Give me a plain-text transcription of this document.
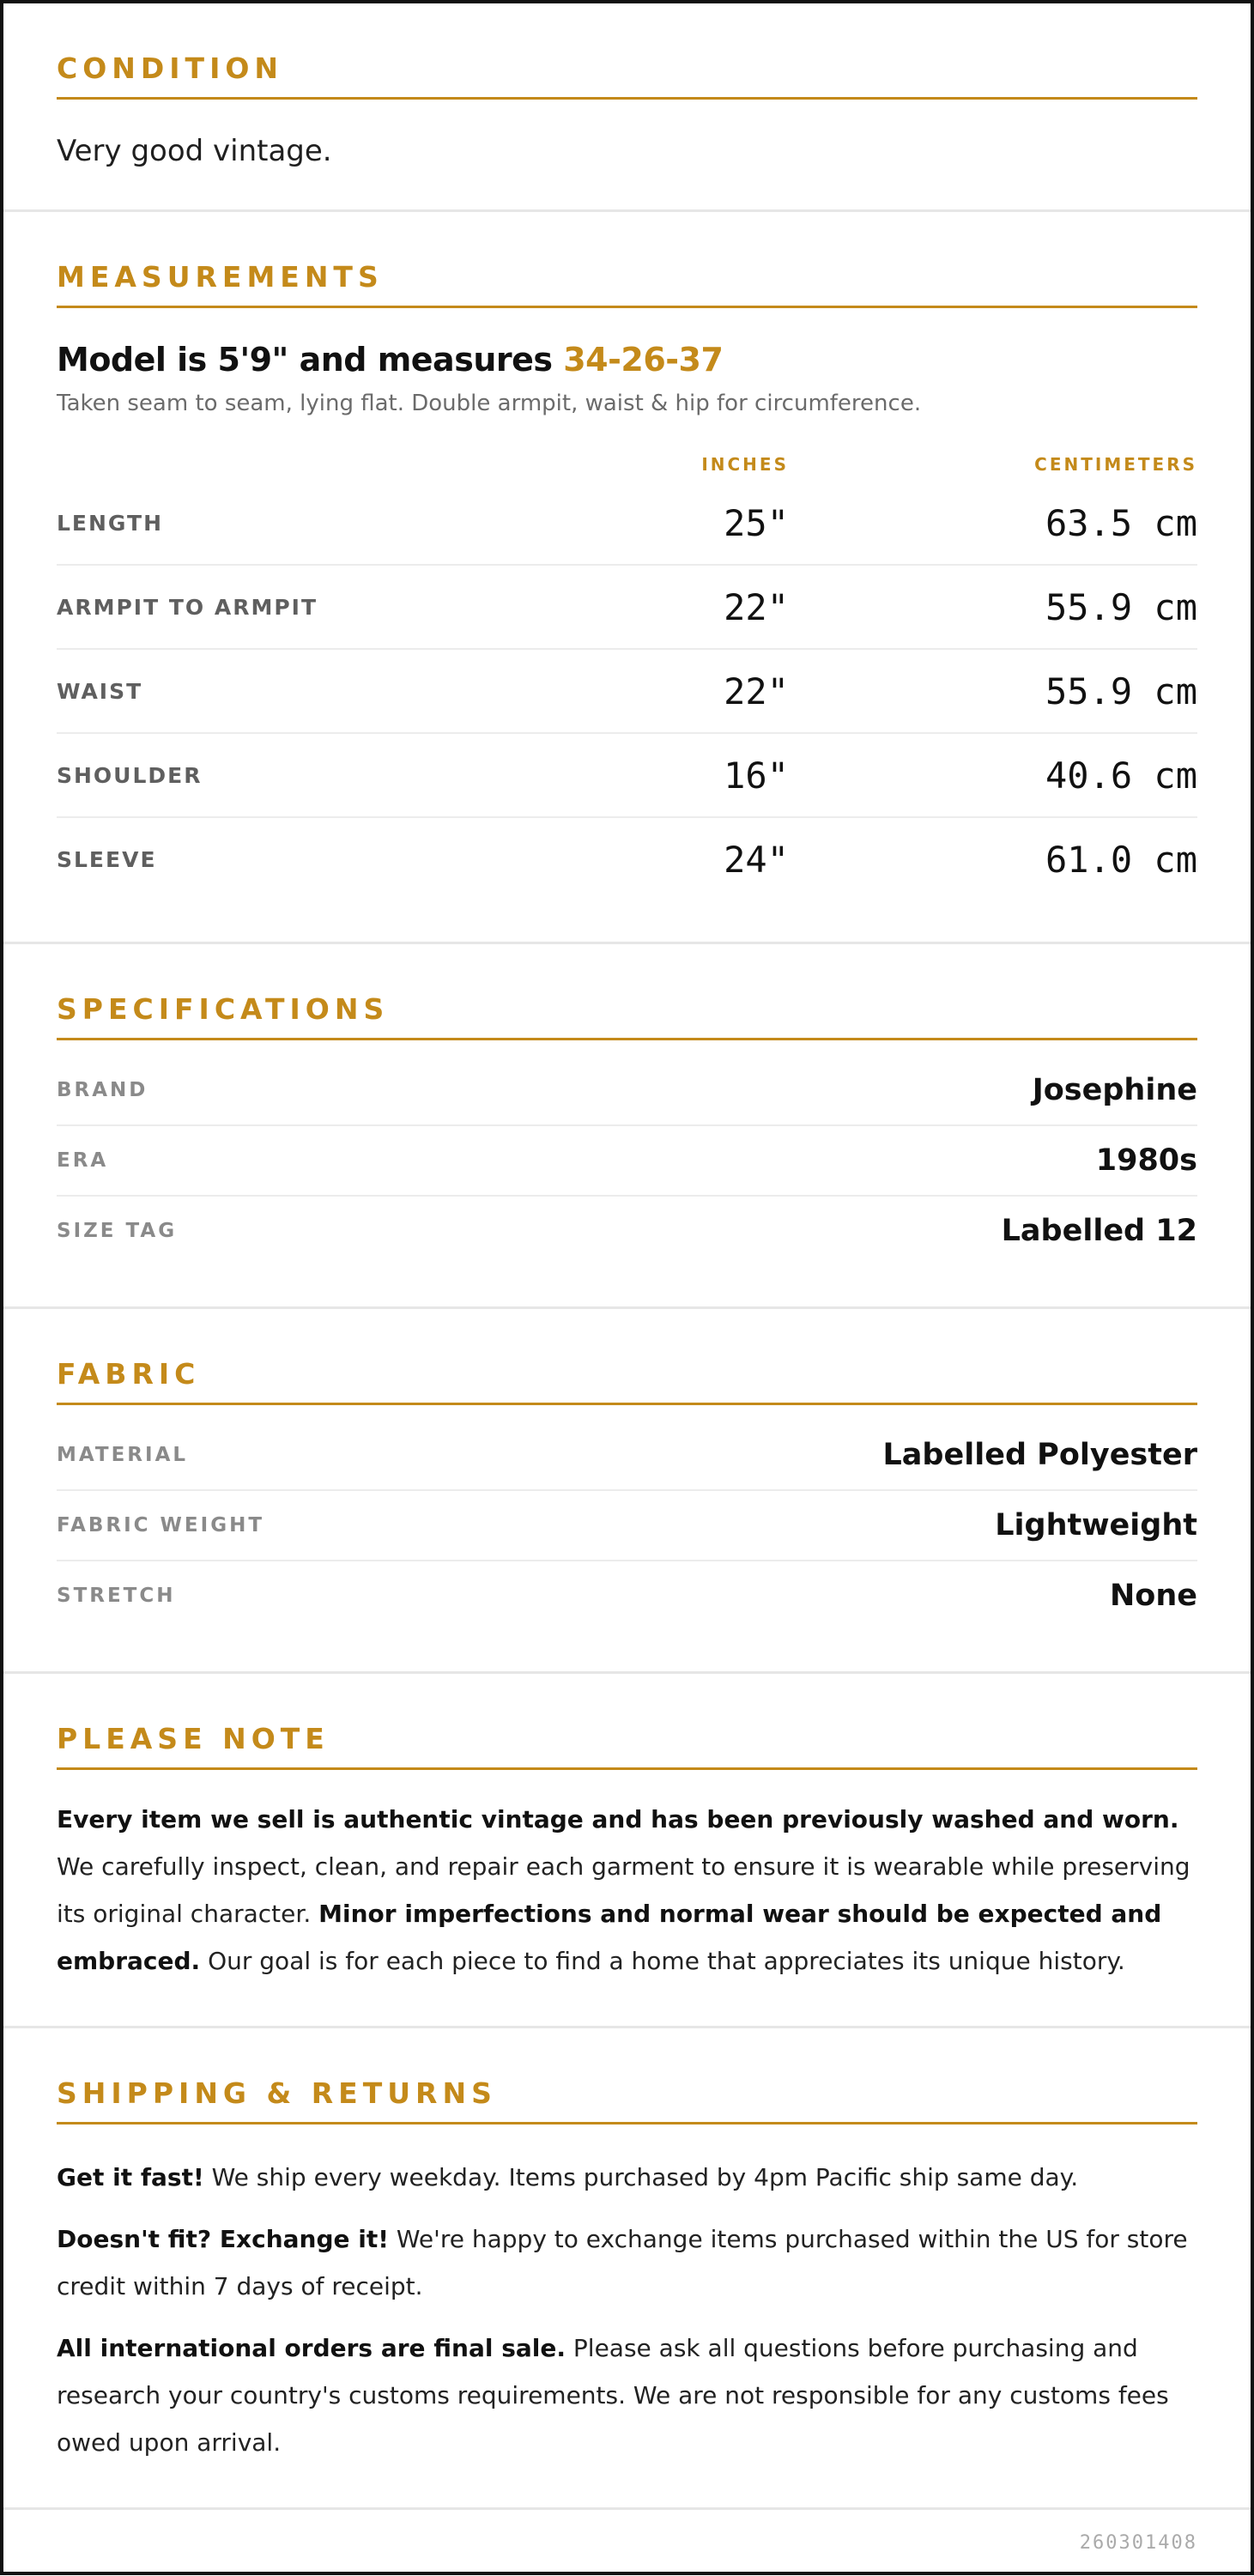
CONDITION
Very good vintage.
MEASUREMENTS
Model is 5'9" and measures 34-26-37
Taken seam to seam, lying flat. Double armpit, waist & hip for circumference.
INCHES	CENTIMETERS
LENGTH	25"	63.5 cm
ARMPIT TO ARMPIT	22"	55.9 cm
WAIST	22"	55.9 cm
SHOULDER	16"	40.6 cm
SLEEVE	24"	61.0 cm
SPECIFICATIONS
BRAND	Josephine
ERA	1980s
SIZE TAG	Labelled 12
FABRIC
MATERIAL	Labelled Polyester
FABRIC WEIGHT	Lightweight
STRETCH	None
PLEASE NOTE
Every item we sell is authentic vintage and has been previously washed and worn. We carefully inspect, clean, and repair each garment to ensure it is wearable while preserving its original character. Minor imperfections and normal wear should be expected and embraced. Our goal is for each piece to find a home that appreciates its unique history.
SHIPPING & RETURNS

Get it fast! We ship every weekday. Items purchased by 4pm Pacific ship same day.

Doesn't fit? Exchange it! We're happy to exchange items purchased within the US for store credit within 7 days of receipt.

All international orders are final sale. Please ask all questions before purchasing and research your country's customs requirements. We are not responsible for any customs fees owed upon arrival.

260301408
